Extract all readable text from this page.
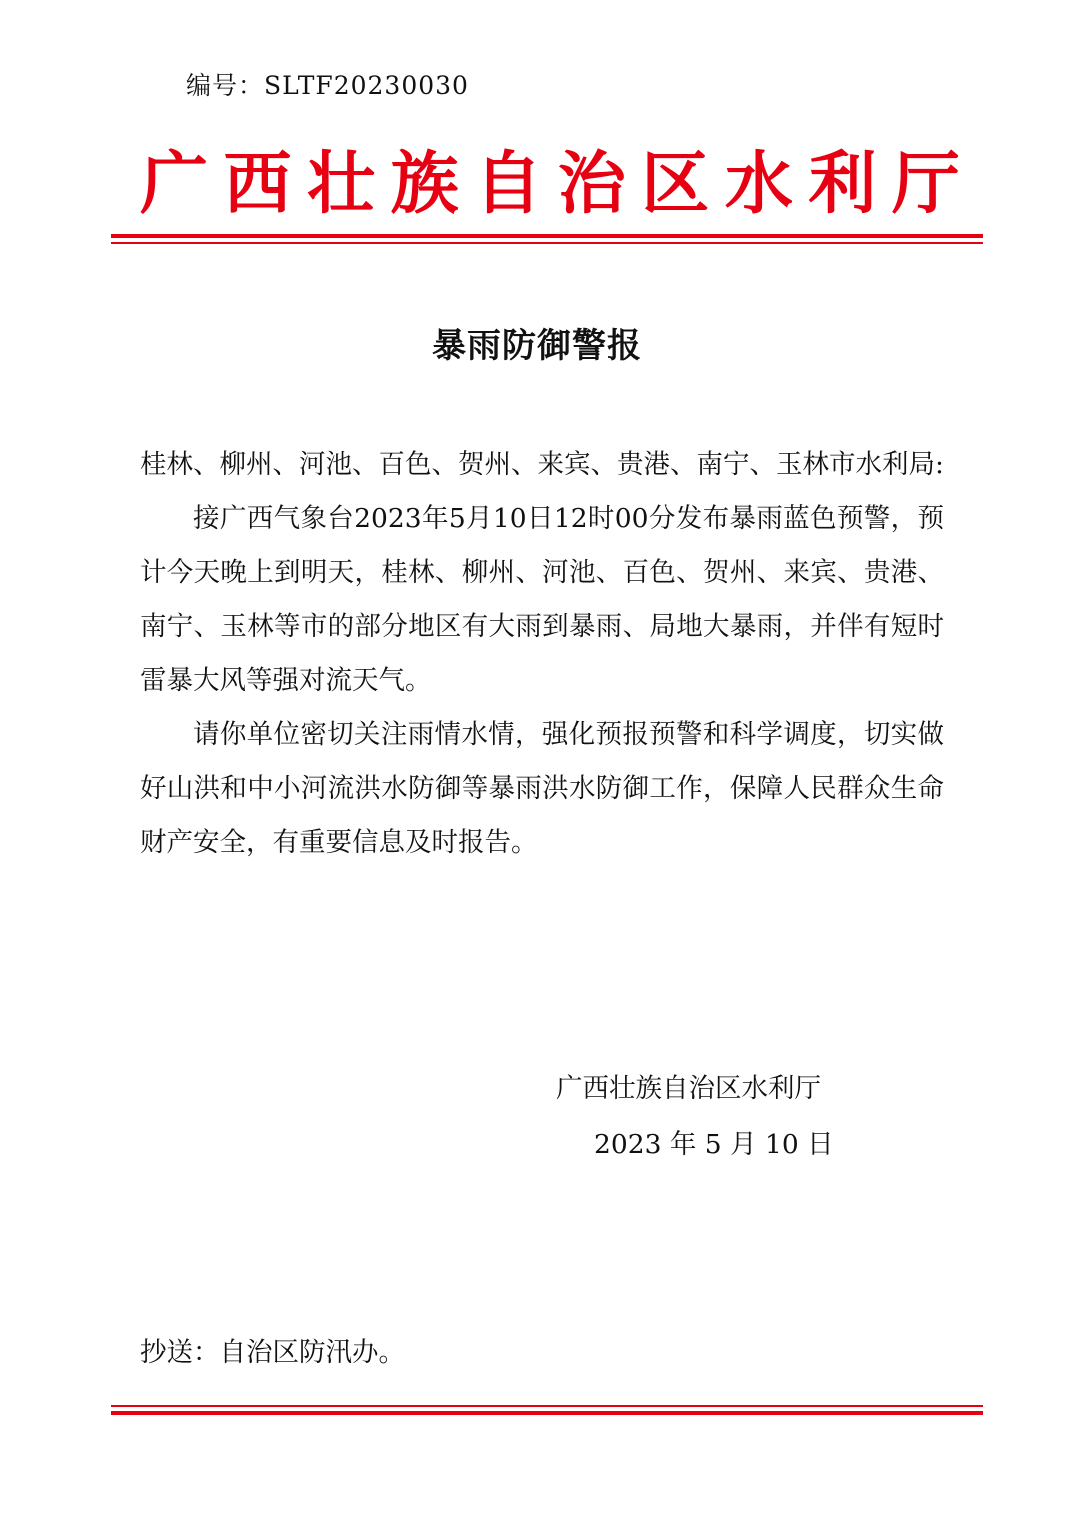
编号：SLTF20230030
广 西 壮 族 自 治 区 水 利 厅
暴雨防御警报

桂林、柳州、河池、百色、贺州、来宾、贵港、南宁、玉林市水利局:

接广西气象台2023年5月10日12时00分发布暴雨蓝色预警，预计今天晚上到明天，桂林、柳州、河池、百色、贺州、来宾、贵港、南宁、玉林等市的部分地区有大雨到暴雨、局地大暴雨，并伴有短时雷暴大风等强对流天气。

请你单位密切关注雨情水情，强化预报预警和科学调度，切实做好山洪和中小河流洪水防御等暴雨洪水防御工作，保障人民群众生命财产安全，有重要信息及时报告。

广西壮族自治区水利厅
2023 年 5 月 10 日
抄送：自治区防汛办。
